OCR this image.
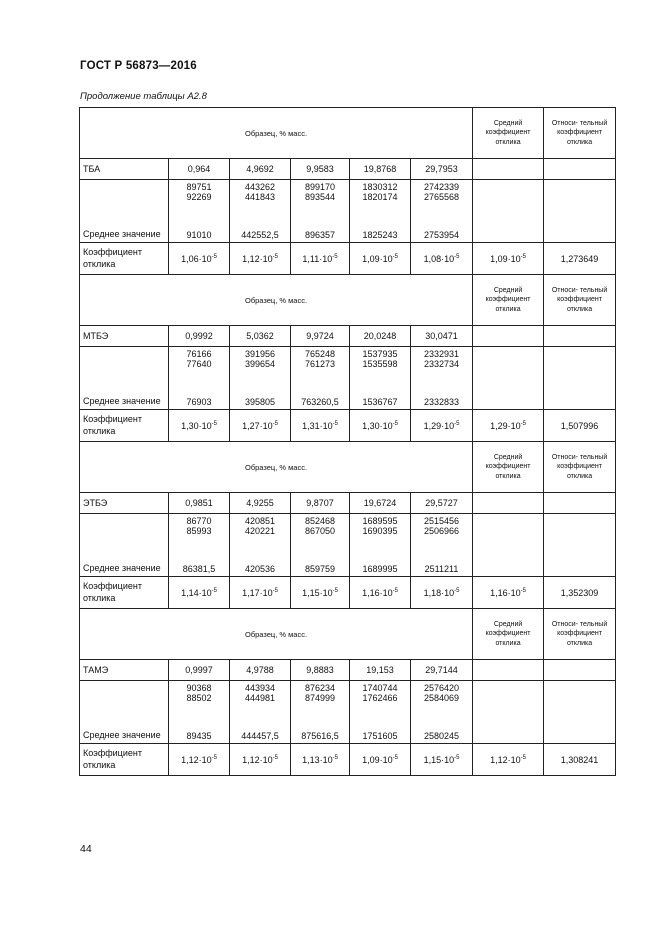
ГОСТ Р 56873—2016
Продолжение таблицы А2.8
Образец, % масс.						Средний коэффициент отклика	Относи- тельный коэффициент отклика
ТБА	0,964	4,9692	9,9583	19,8768	29,7953		
Среднее значение	89751
92269
91010	443262
441843
442552,5	899170
893544
896357	1830312
1820174
1825243	2742339
2765568
2753954		

Коэффициент отклика	$1,06\cdot 10^{-5}$	$1,12\cdot 10^{-5}$	$1,11\cdot 10^{-5}$	$1,09\cdot 10^{-5}$	$1,08\cdot 10^{-5}$	$1,09\cdot 10^{-5}$	1,273649
Образец, % масс.						Средний коэффициент отклика	Относи- тельный коэффициент отклика
МТБЭ	0,9992	5,0362	9,9724	20,0248	30,0471		
Среднее значение	76166
77640
76903	391956
399654
395805	765248
761273
763260,5	1537935
1535598
1536767	2332931
2332734
2332833		

Коэффициент отклика	$1,30\cdot 10^{-5}$	$1,27\cdot 10^{-5}$	$1,31\cdot 10^{-5}$	$1,30\cdot 10^{-5}$	$1,29\cdot 10^{-5}$	$1,29\cdot 10^{-5}$	1,507996
Образец, % масс.						Средний коэффициент отклика	Относи- тельный коэффициент отклика
ЭТБЭ	0,9851	4,9255	9,8707	19,6724	29,5727		
Среднее значение	86770
85993
86381,5	420851
420221
420536	852468
867050
859759	1689595
1690395
1689995	2515456
2506966
2511211		

Коэффициент отклика	$1,14\cdot 10^{-5}$	$1,17\cdot 10^{-5}$	$1,15\cdot 10^{-5}$	$1,16\cdot 10^{-5}$	$1,18\cdot 10^{-5}$	$1,16\cdot 10^{-5}$	1,352309
Образец, % масс.						Средний коэффициент отклика	Относи- тельный коэффициент отклика
ТАМЭ	0,9997	4,9788	9,8883	19,153	29,7144		
Среднее значение	90368
88502
89435	443934
444981
444457,5	876234
874999
875616,5	1740744
1762466
1751605	2576420
2584069
2580245		

Коэффициент отклика	$1,12\cdot 10^{-5}$	$1,12\cdot 10^{-5}$	$1,13\cdot 10^{-5}$	$1,09\cdot 10^{-5}$	$1,15\cdot 10^{-5}$	$1,12\cdot 10^{-5}$	1,308241
44
